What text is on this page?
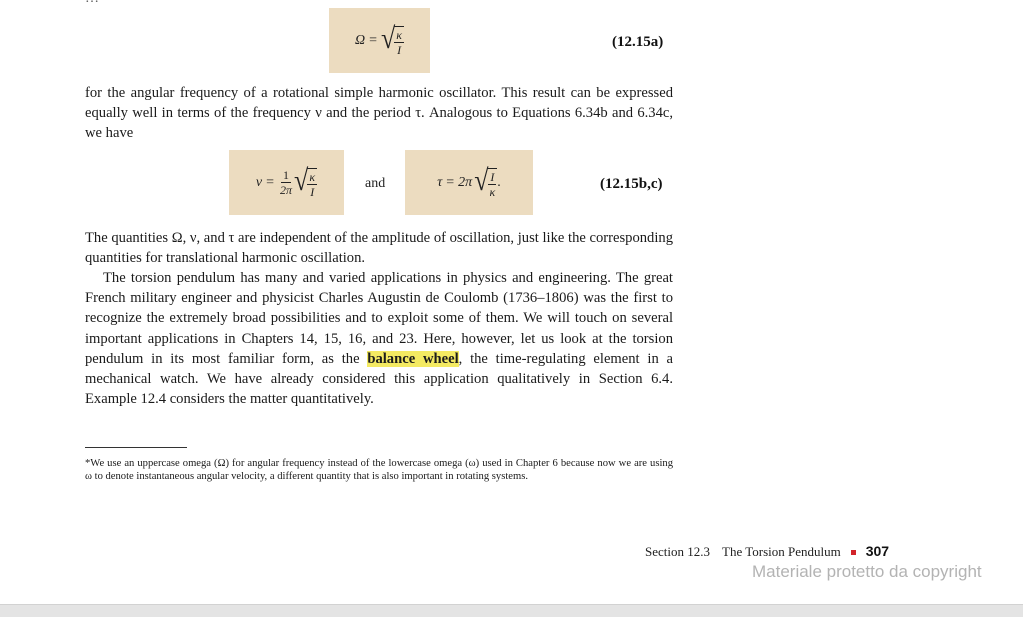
Ω = √ $\frac{\kappa}{I}$	(12.15a)

for the angular frequency of a rotational simple harmonic oscillator. This result can be expressed equally well in terms of the frequency ν and the period τ. Analogous to Equations 6.34b and 6.34c, we have

$\nu = \frac{1}{2\pi}$ √ $\frac{\kappa}{I}$	and	τ = 2π √ $\frac{I}{\kappa}$ .	(12.15b,c)

The quantities Ω, ν, and τ are independent of the amplitude of oscillation, just like the corresponding quantities for translational harmonic oscillation.

The torsion pendulum has many and varied applications in physics and engineering. The great French military engineer and physicist Charles Augustin de Coulomb (1736–1806) was the first to recognize the extremely broad possibilities and to exploit some of them. We will touch on several important applications in Chapters 14, 15, 16, and 23. Here, however, let us look at the torsion pendulum in its most familiar form, as the balance wheel, the time-regulating element in a mechanical watch. We have already considered this application qualitatively in Section 6.4. Example 12.4 considers the matter quantitatively.

*We use an uppercase omega (Ω) for angular frequency instead of the lowercase omega (ω) used in Chapter 6 because now we are using ω to denote instantaneous angular velocity, a different quantity that is also important in rotating systems.

Section 12.3 The Torsion Pendulum 307
Materiale protetto da copyright
